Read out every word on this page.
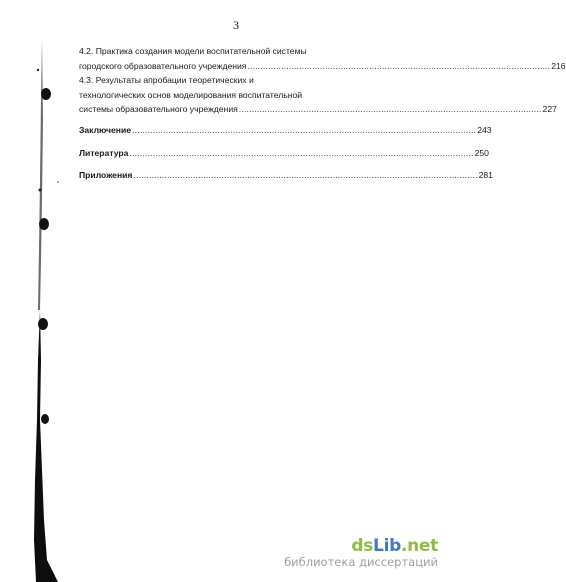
3
4.2. Практика создания модели воспитательной системы
городского образовательного учреждения ..................................................................................................................... 216
4.3. Результаты апробации теоретических и
технологических основ моделирования воспитательной
системы образовательного учреждения ..................................................................................................................... 227
Заключение ..................................................................................................................................... 243
Литература ..................................................................................................................................... 250
Приложения ..................................................................................................................................... 281
dsLib.net
библиотека диссертаций
